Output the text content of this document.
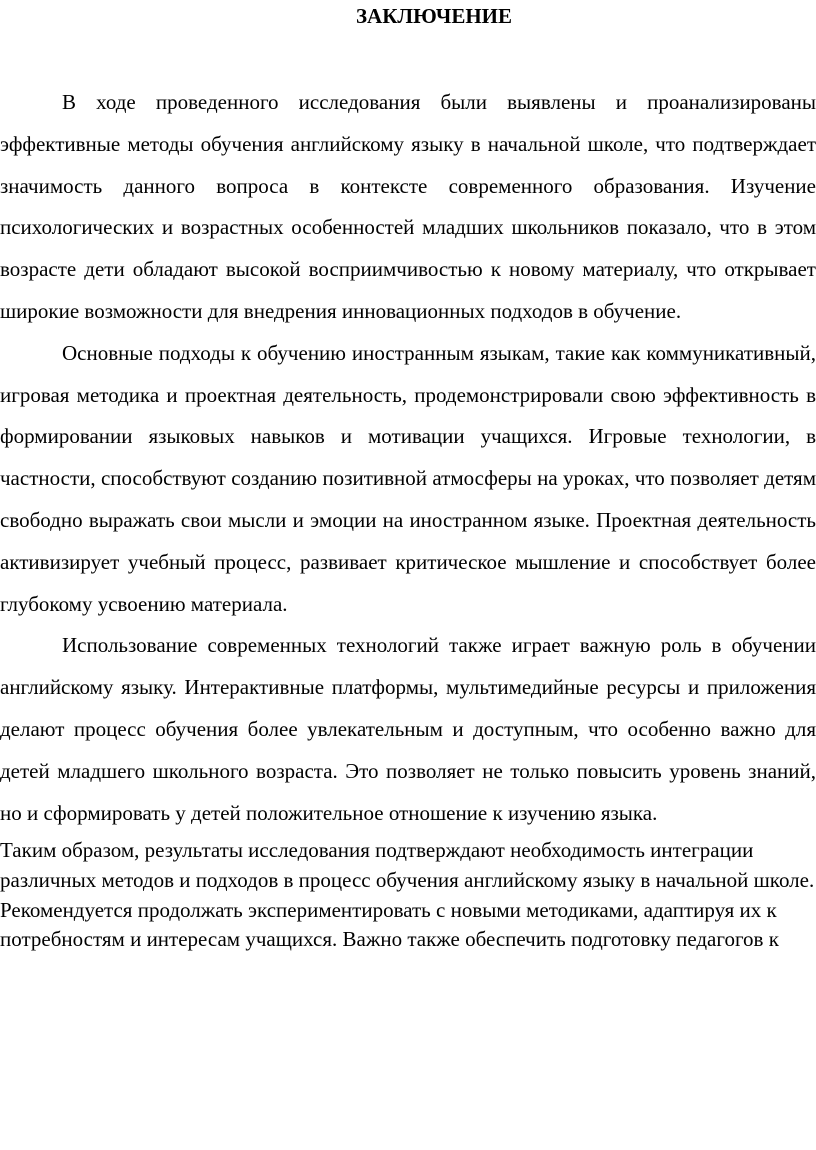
ЗАКЛЮЧЕНИЕ

В ходе проведенного исследования были выявлены и проанализированы эффективные методы обучения английскому языку в начальной школе, что подтверждает значимость данного вопроса в контексте современного образования. Изучение психологических и возрастных особенностей младших школьников показало, что в этом возрасте дети обладают высокой восприимчивостью к новому материалу, что открывает широкие возможности для внедрения инновационных подходов в обучение.

Основные подходы к обучению иностранным языкам, такие как коммуникативный, игровая методика и проектная деятельность, продемонстрировали свою эффективность в формировании языковых навыков и мотивации учащихся. Игровые технологии, в частности, способствуют созданию позитивной атмосферы на уроках, что позволяет детям свободно выражать свои мысли и эмоции на иностранном языке. Проектная деятельность активизирует учебный процесс, развивает критическое мышление и способствует более глубокому усвоению материала.

Использование современных технологий также играет важную роль в обучении английскому языку. Интерактивные платформы, мультимедийные ресурсы и приложения делают процесс обучения более увлекательным и доступным, что особенно важно для детей младшего школьного возраста. Это позволяет не только повысить уровень знаний, но и сформировать у детей положительное отношение к изучению языка.

Таким образом, результаты исследования подтверждают необходимость интеграции различных методов и подходов в процесс обучения английскому языку в начальной школе. Рекомендуется продолжать экспериментировать с новыми методиками, адаптируя их к потребностям и интересам учащихся. Важно также обеспечить подготовку педагогов к
